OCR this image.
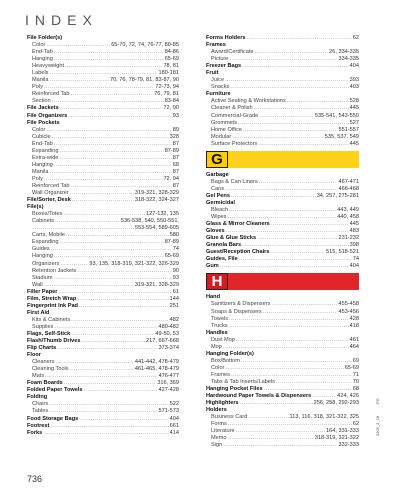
INDEX
File Folder(s)
Color .....	65-70, 72, 74, 76-77, 80-85
End-Tab .....	84-86
Hanging .....	65-69
Heavyweight .....	78, 81
Labels .....	180-181
Manila .....	70, 76, 78-79, 81, 83-87, 90
Poly .....	72-73, 94
Reinforced Tab .....	76, 79, 81
Section .....	83-84
File Jackets .....	72, 90
File Organizers .....	93
File Pockets
Color .....	89
Cubicle .....	328
End-Tab .....	87
Expanding .....	87-89
Extra-wide .....	87
Hanging .....	68
Manila .....	87
Poly .....	72, 94
Reinforced Tab .....	87
Wall Organizer .....	319-321, 328-329
File/Sorter, Desk .....	318-322, 324-327
File(s)
Boxes/Totes .....	127-132, 135
Cabinets .....	536-538, 540, 550-551,
.....
553-554, 589-605
Carts, Mobile .....	580
Expanding .....	87-89
Guides .....	74
Hanging .....	65-69
Organizers .....	93, 135, 318-319, 321-322, 326-329
Retention Jackets .....	90
Stadium .....	93
Wall .....	319-321, 328-329
Filler Paper .....	61
Film, Stretch Wrap .....	144
Fingerprint Ink Pad .....	251
First Aid
Kits & Cabinets .....	482
Supplies .....	480-482
Flags, Self-Stick .....	49-50, 53
Flash/Thumb Drives .....	217, 667-668
Flip Charts .....	373-374
Floor
Cleaners .....	441-442, 478-479
Cleaning Tools .....	461-465, 478-479
Mats .....	476-477
Foam Boards .....	316, 369
Folded Paper Towels .....	427-428
Folding
Chairs .....	522
Tables .....	571-573
Food Storage Bags .....	404
Footrest .....	661
Forks .....	414
Forms Holders .....	62
Frames
Award/Certificate .....	26, 334-335
Picture .....	334-335
Freezer Bags .....	404
Fruit
Juice .....	393
Snacks .....	403
Furniture
Active Seating & Workstations .....	528
Cleaner & Polish .....	445
Commercial-Grade .....	535-541, 543-550
Grommets .....	527
Home Office .....	551-557
Modular .....	535, 537, 549
Surface Protectors .....	445
G
Garbage
Bags & Can Liners .....	467-471
Cans .....	466-468
Gel Pens .....	34, 257, 275-281
Germicidal
Bleach .....	443, 449
Wipes .....	440, 458
Glass & Mirror Cleaners .....	445
Gloves .....	483
Glue & Glue Sticks .....	231-232
Granola Bars .....	398
Guest/Reception Chairs .....	515, 518-521
Guides, File .....	74
Gum .....	404
H
Hand
Sanitizers & Dispensers .....	455-458
Soaps & Dispensers .....	453-456
Towels .....	428
Trucks .....	418
Handles
Dust Mop .....	461
Mop .....	464
Hanging Folder(s)
Box/Bottom .....	69
Color .....	65-69
Frames .....	71
Tabs & Tab Inserts/Labels .....	70
Hanging Pocket Files .....	68
Hardwound Paper Towels & Dispensers .....	424, 426
Highlighters .....	256, 258, 292-293
Holders
Business Card .....	113, 116, 318, 321-322, 325
Forms .....	62
Literature .....	164, 331-333
Memo .....	318-319, 321-322
Sign .....	332-333
736
PG
0305_3_28
